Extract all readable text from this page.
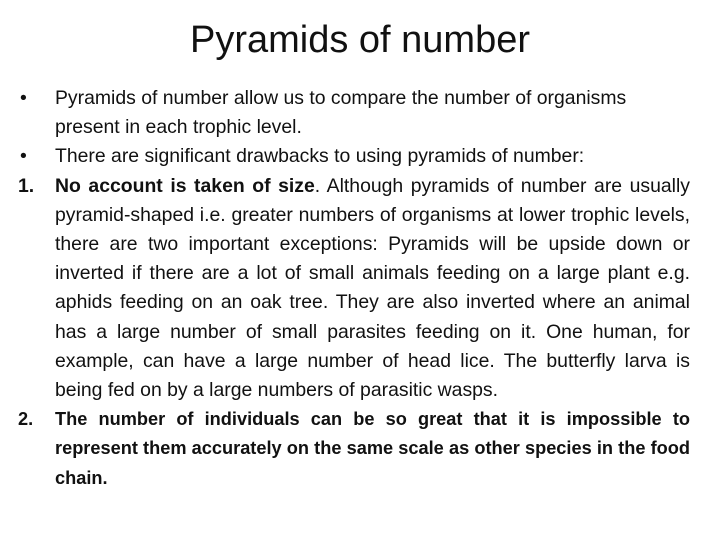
Pyramids of number
•	Pyramids of number allow us to compare the number of organisms present in each trophic level.
•	There are significant drawbacks to using pyramids of number:
1.	No account is taken of size. Although pyramids of number are usually pyramid-shaped i.e. greater numbers of organisms at lower trophic levels, there are two important exceptions: Pyramids will be upside down or inverted if there are a lot of small animals feeding on a large plant e.g. aphids feeding on an oak tree. They are also inverted where an animal has a large number of small parasites feeding on it. One human, for example, can have a large number of head lice. The butterfly larva is being fed on by a large numbers of parasitic wasps.
2.	The number of individuals can be so great that it is impossible to represent them accurately on the same scale as other species in the food chain.
